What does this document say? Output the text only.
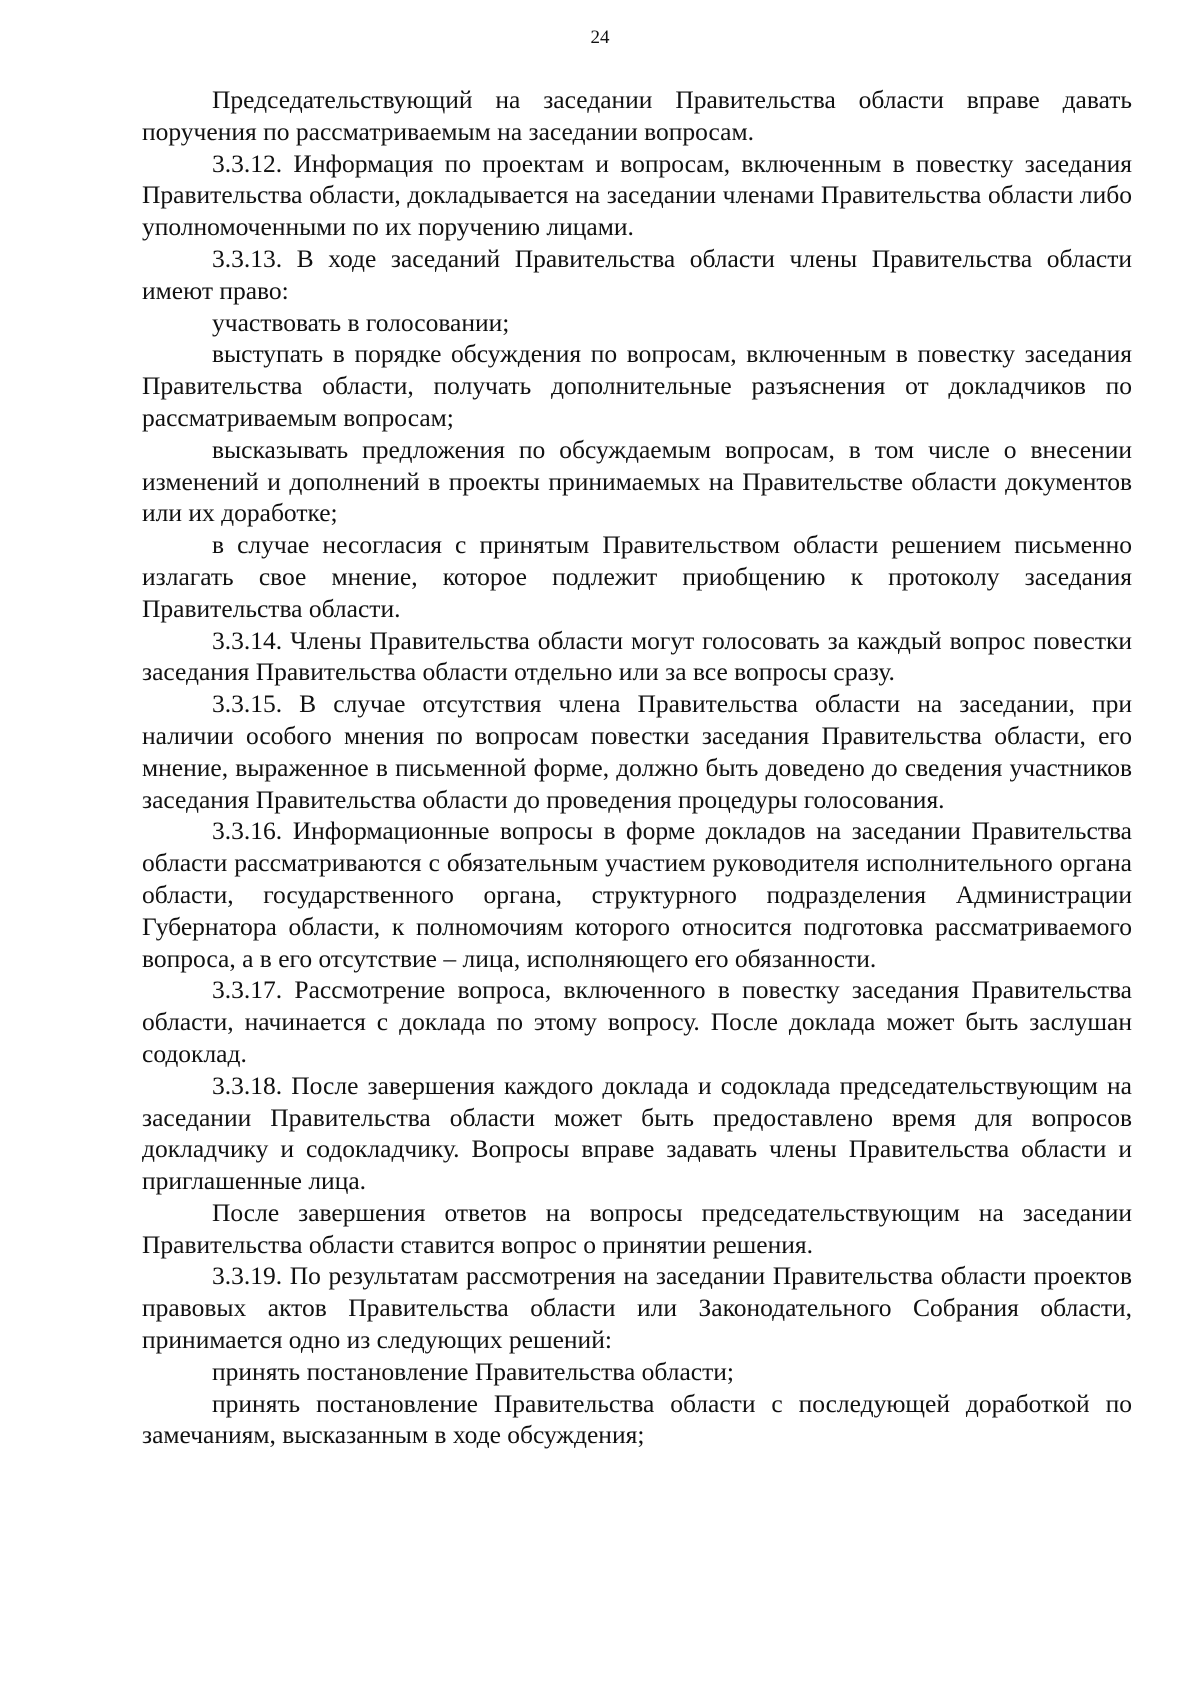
24

Председательствующий на заседании Правительства области вправе давать поручения по рассматриваемым на заседании вопросам.

3.3.12. Информация по проектам и вопросам, включенным в повестку заседания Правительства области, докладывается на заседании членами Правительства области либо уполномоченными по их поручению лицами.

3.3.13. В ходе заседаний Правительства области члены Правительства области имеют право:

участвовать в голосовании;

выступать в порядке обсуждения по вопросам, включенным в повестку заседания Правительства области, получать дополнительные разъяснения от докладчиков по рассматриваемым вопросам;

высказывать предложения по обсуждаемым вопросам, в том числе о внесении изменений и дополнений в проекты принимаемых на Правительстве области документов или их доработке;

в случае несогласия с принятым Правительством области решением письменно излагать свое мнение, которое подлежит приобщению к протоколу заседания Правительства области.

3.3.14. Члены Правительства области могут голосовать за каждый вопрос повестки заседания Правительства области отдельно или за все вопросы сразу.

3.3.15. В случае отсутствия члена Правительства области на заседании, при наличии особого мнения по вопросам повестки заседания Правительства области, его мнение, выраженное в письменной форме, должно быть доведено до сведения участников заседания Правительства области до проведения процедуры голосования.

3.3.16. Информационные вопросы в форме докладов на заседании Правительства области рассматриваются с обязательным участием руководителя исполнительного органа области, государственного органа, структурного подразделения Администрации Губернатора области, к полномочиям которого относится подготовка рассматриваемого вопроса, а в его отсутствие – лица, исполняющего его обязанности.

3.3.17. Рассмотрение вопроса, включенного в повестку заседания Правительства области, начинается с доклада по этому вопросу. После доклада может быть заслушан содоклад.

3.3.18. После завершения каждого доклада и содоклада председательствующим на заседании Правительства области может быть предоставлено время для вопросов докладчику и содокладчику. Вопросы вправе задавать члены Правительства области и приглашенные лица.

После завершения ответов на вопросы председательствующим на заседании Правительства области ставится вопрос о принятии решения.

3.3.19. По результатам рассмотрения на заседании Правительства области проектов правовых актов Правительства области или Законодательного Собрания области, принимается одно из следующих решений:

принять постановление Правительства области;

принять постановление Правительства области с последующей доработкой по замечаниям, высказанным в ходе обсуждения;
